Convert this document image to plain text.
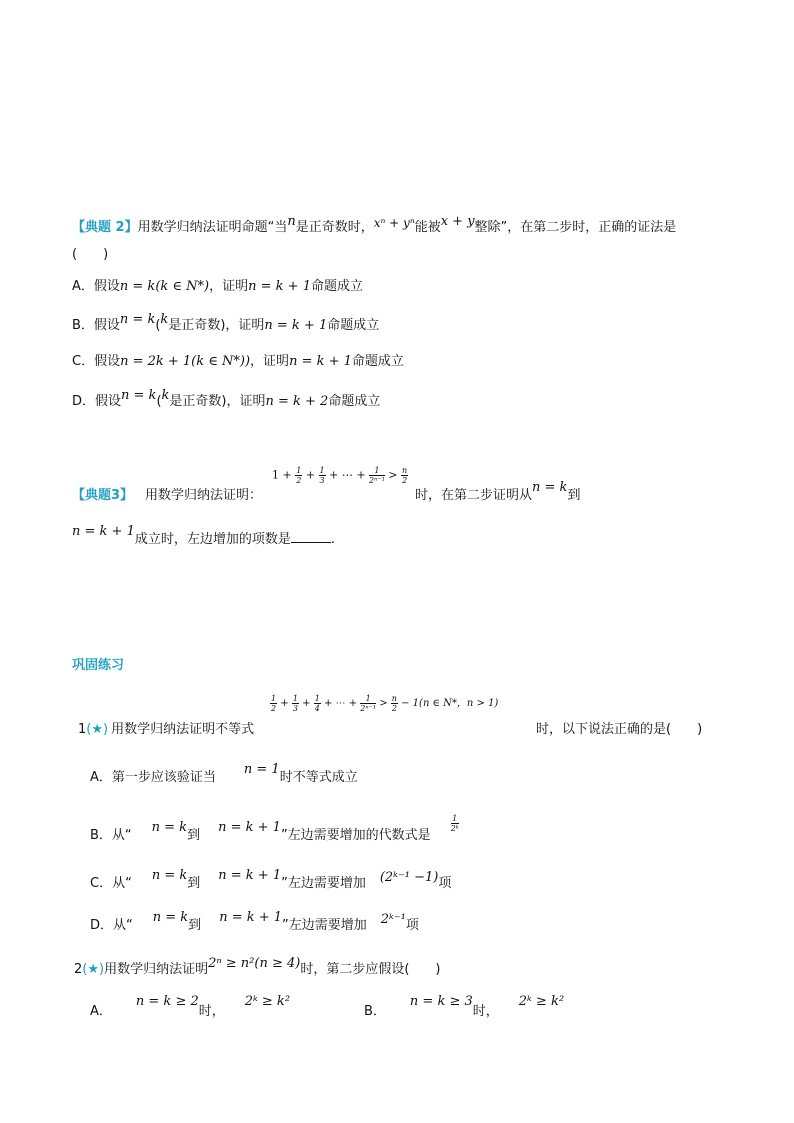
【典题 2】用数学归纳法证明命题“当n是正奇数时，xⁿ + yⁿ能被x + y整除”，在第二步时，正确的证法是
(　　)
A．假设n = k(k ∈ N*)，证明n = k + 1命题成立
B．假设n = k(k是正奇数)，证明n = k + 1命题成立
C．假设n = 2k + 1(k ∈ N*))，证明n = k + 1命题成立
D．假设n = k(k是正奇数)，证明n = k + 2命题成立
【典题3】 用数学归纳法证明：
$1 + \frac{1}{2} + \frac{1}{3}$ + ⋯ + $\frac{1}{\text{2ⁿ⁻¹}} > \frac{n}{2}$
时，在第二步证明从n = k到
n = k + 1成立时，左边增加的项数是	.
巩固练习
$\frac{1}{2} + \frac{1}{3} + \frac{1}{4}$ + ⋯ + $\frac{1}{\text{2ⁿ⁻¹}} > \frac{n}{2} - 1(n$ ∈ N*，n > 1)
1(★) 用数学归纳法证明不等式	时，以下说法正确的是(　　)
A．第一步应该验证当n = 1时不等式成立
B．从“n = k到n = k + 1”左边需要增加的代数式是
$\frac{1}{\text{2ᵏ}}$
C．从“n = k到n = k + 1”左边需要增加 (2ᵏ⁻¹ −1)项
D．从“n = k到n = k + 1”左边需要增加 2ᵏ⁻¹项
2(★)用数学归纳法证明2ⁿ ≥ n²(n ≥ 4)时，第二步应假设(　　)
A．n = k ≥ 2时，2ᵏ ≥ k²
B．n = k ≥ 3时，2ᵏ ≥ k²
